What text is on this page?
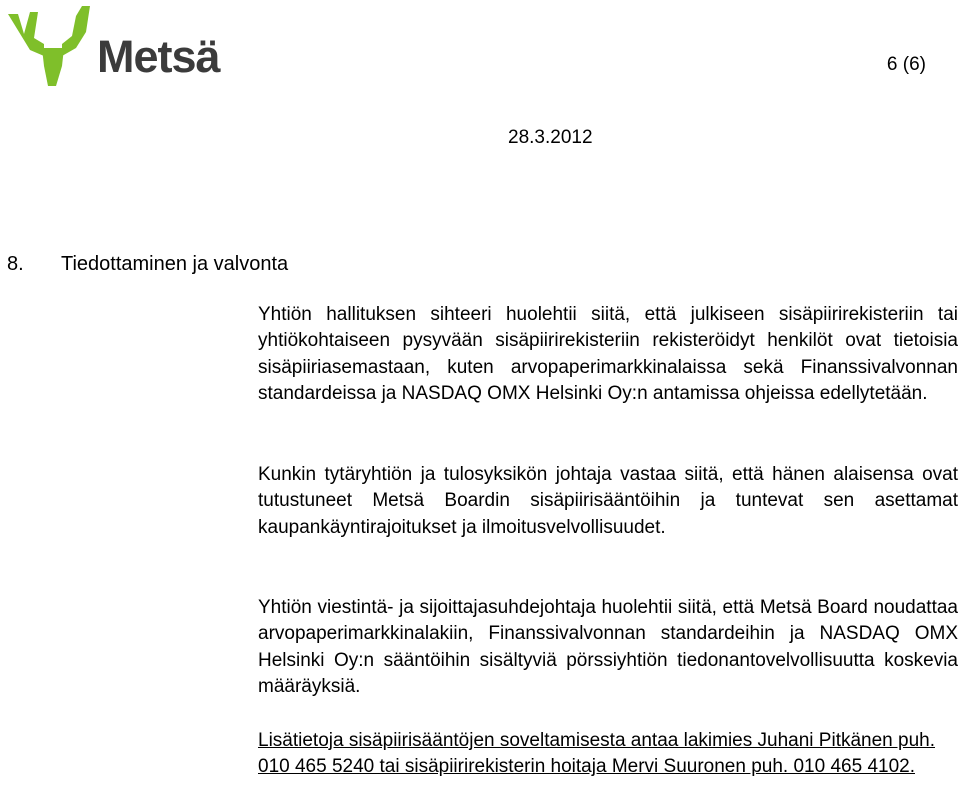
Metsä	6 (6)
28.3.2012
8. Tiedottaminen ja valvonta

Yhtiön hallituksen sihteeri huolehtii siitä, että julkiseen sisäpiirirekisteriin tai yhtiökohtaiseen pysyvään sisäpiirirekisteriin rekisteröidyt henkilöt ovat tietoisia sisäpiiriasemastaan, kuten arvopaperimarkkinalaissa sekä Finanssivalvonnan standardeissa ja NASDAQ OMX Helsinki Oy:n antamissa ohjeissa edellytetään.

Kunkin tytäryhtiön ja tulosyksikön johtaja vastaa siitä, että hänen alaisensa ovat tutustuneet Metsä Boardin sisäpiirisääntöihin ja tuntevat sen asettamat kaupankäyntirajoitukset ja ilmoitusvelvollisuudet.

Yhtiön viestintä- ja sijoittajasuhdejohtaja huolehtii siitä, että Metsä Board noudattaa arvopaperimarkkinalakiin, Finanssivalvonnan standardeihin ja NASDAQ OMX Helsinki Oy:n sääntöihin sisältyviä pörssiyhtiön tiedonantovelvollisuutta koskevia määräyksiä.

Lisätietoja sisäpiirisääntöjen soveltamisesta antaa lakimies Juhani Pitkänen puh. 010 465 5240 tai sisäpiirirekisterin hoitaja Mervi Suuronen puh. 010 465 4102.
